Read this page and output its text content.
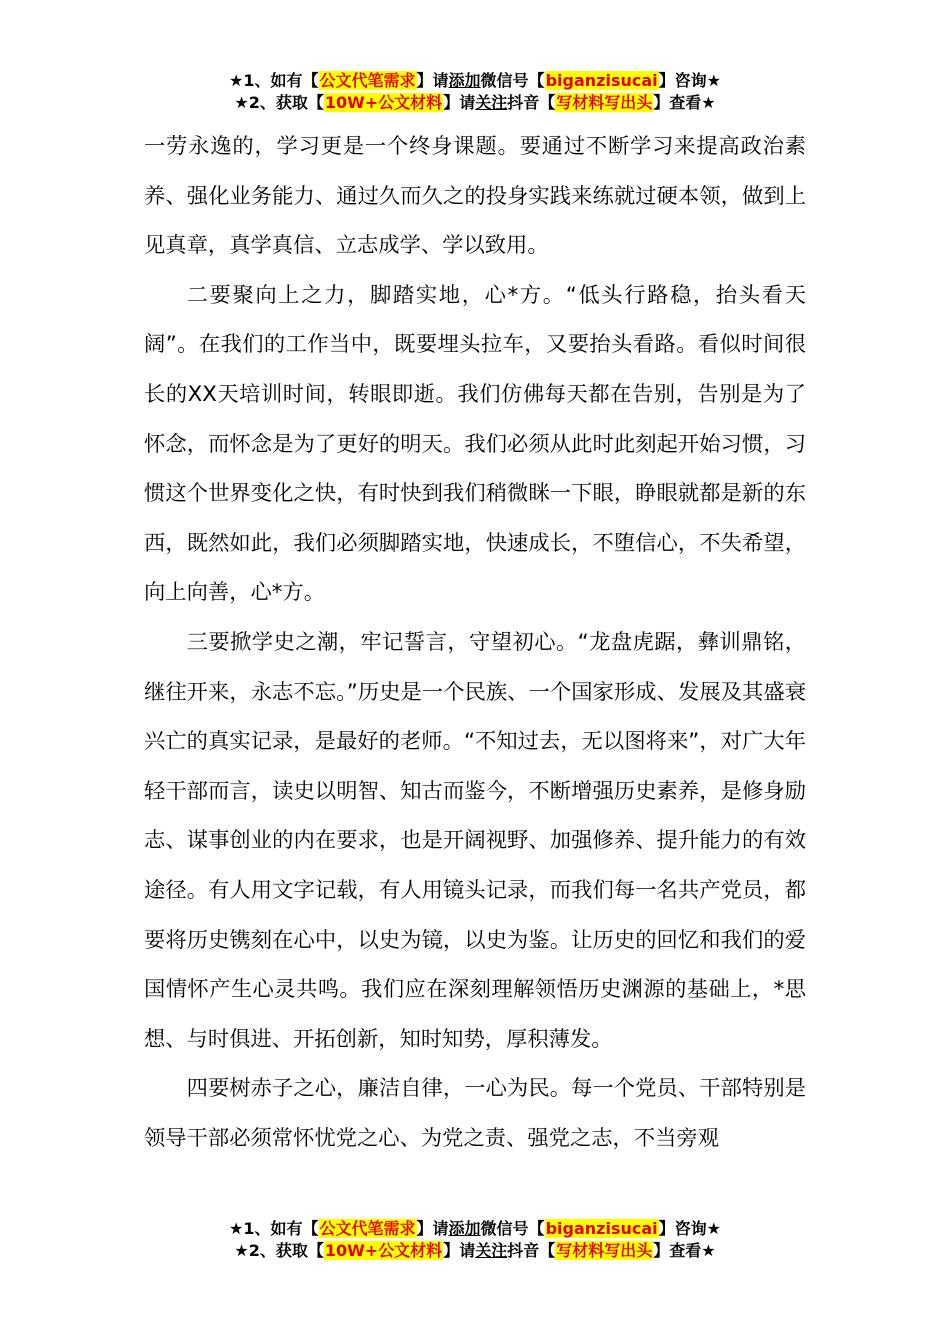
★1、如有【公文代笔需求】请添加微信号【biganzisucai】咨询★
★2、获取【10W+公文材料】请关注抖音【写材料写出头】查看★

一劳永逸的，学习更是一个终身课题。要通过不断学习来提高政治素养、强化业务能力、通过久而久之的投身实践来练就过硬本领，做到上见真章，真学真信、立志成学、学以致用。

二要聚向上之力，脚踏实地，心*方。“低头行路稳，抬头看天阔”。在我们的工作当中，既要埋头拉车，又要抬头看路。看似时间很长的XX天培训时间，转眼即逝。我们仿佛每天都在告别，告别是为了怀念，而怀念是为了更好的明天。我们必须从此时此刻起开始习惯，习惯这个世界变化之快，有时快到我们稍微眯一下眼，睁眼就都是新的东西，既然如此，我们必须脚踏实地，快速成长，不堕信心，不失希望，向上向善，心*方。

三要掀学史之潮，牢记誓言，守望初心。“龙盘虎踞，彝训鼎铭，继往开来，永志不忘。”历史是一个民族、一个国家形成、发展及其盛衰兴亡的真实记录，是最好的老师。“不知过去，无以图将来”，对广大年轻干部而言，读史以明智、知古而鉴今，不断增强历史素养，是修身励志、谋事创业的内在要求，也是开阔视野、加强修养、提升能力的有效途径。有人用文字记载，有人用镜头记录，而我们每一名共产党员，都要将历史镌刻在心中，以史为镜，以史为鉴。让历史的回忆和我们的爱国情怀产生心灵共鸣。我们应在深刻理解领悟历史渊源的基础上，*思想、与时俱进、开拓创新，知时知势，厚积薄发。

四要树赤子之心，廉洁自律，一心为民。每一个党员、干部特别是领导干部必须常怀忧党之心、为党之责、强党之志，不当旁观

★1、如有【公文代笔需求】请添加微信号【biganzisucai】咨询★
★2、获取【10W+公文材料】请关注抖音【写材料写出头】查看★
